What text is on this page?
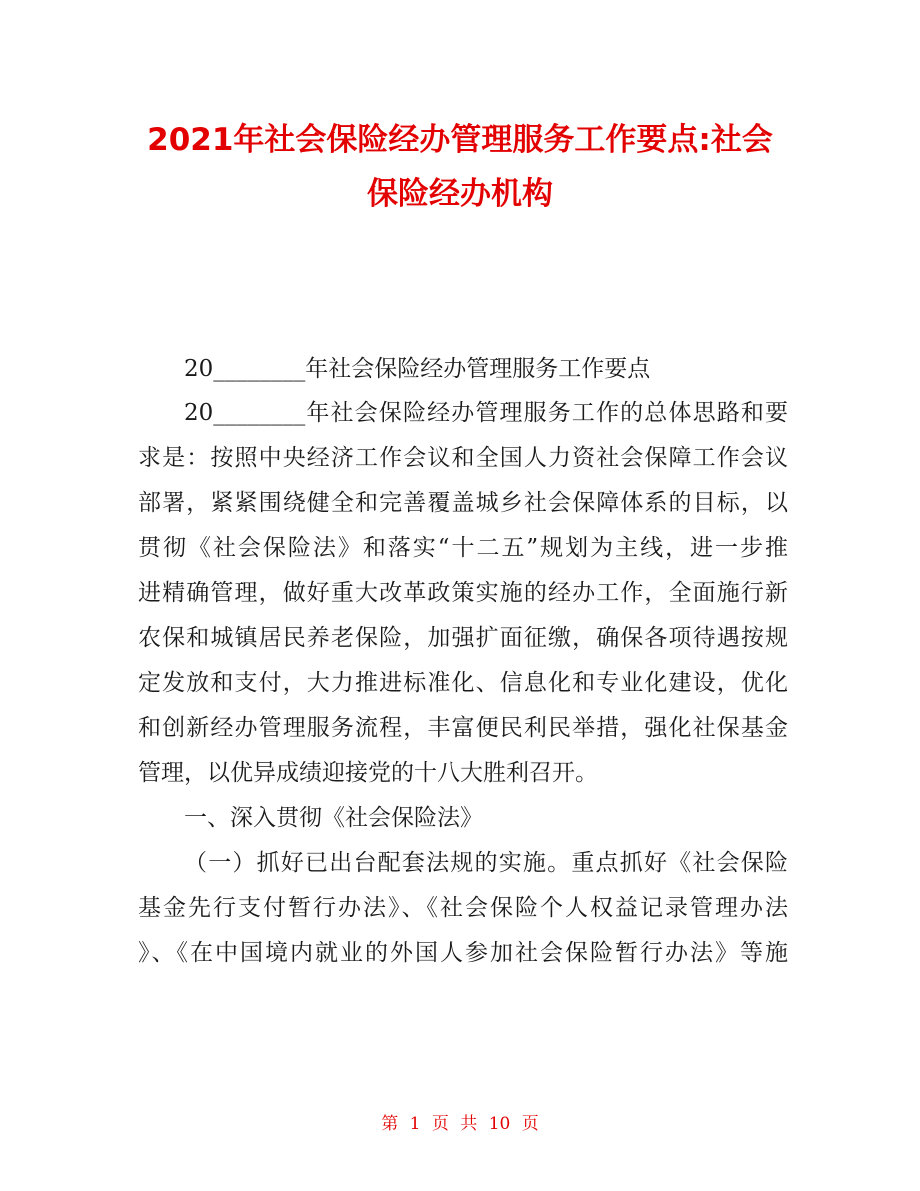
2021年社会保险经办管理服务工作要点:社会
保险经办机构
20________年社会保险经办管理服务工作要点
20________年社会保险经办管理服务工作的总体思路和要
求是：按照中央经济工作会议和全国人力资社会保障工作会议
部署，紧紧围绕健全和完善覆盖城乡社会保障体系的目标，以
贯彻《社会保险法》和落实“十二五”规划为主线，进一步推
进精确管理，做好重大改革政策实施的经办工作，全面施行新
农保和城镇居民养老保险，加强扩面征缴，确保各项待遇按规
定发放和支付，大力推进标准化、信息化和专业化建设，优化
和创新经办管理服务流程，丰富便民利民举措，强化社保基金
管理，以优异成绩迎接党的十八大胜利召开。
一、深入贯彻《社会保险法》
（一）抓好已出台配套法规的实施。重点抓好《社会保险
基金先行支付暂行办法》、《社会保险个人权益记录管理办法
》、《在中国境内就业的外国人参加社会保险暂行办法》等施
第 1 页 共 10 页
